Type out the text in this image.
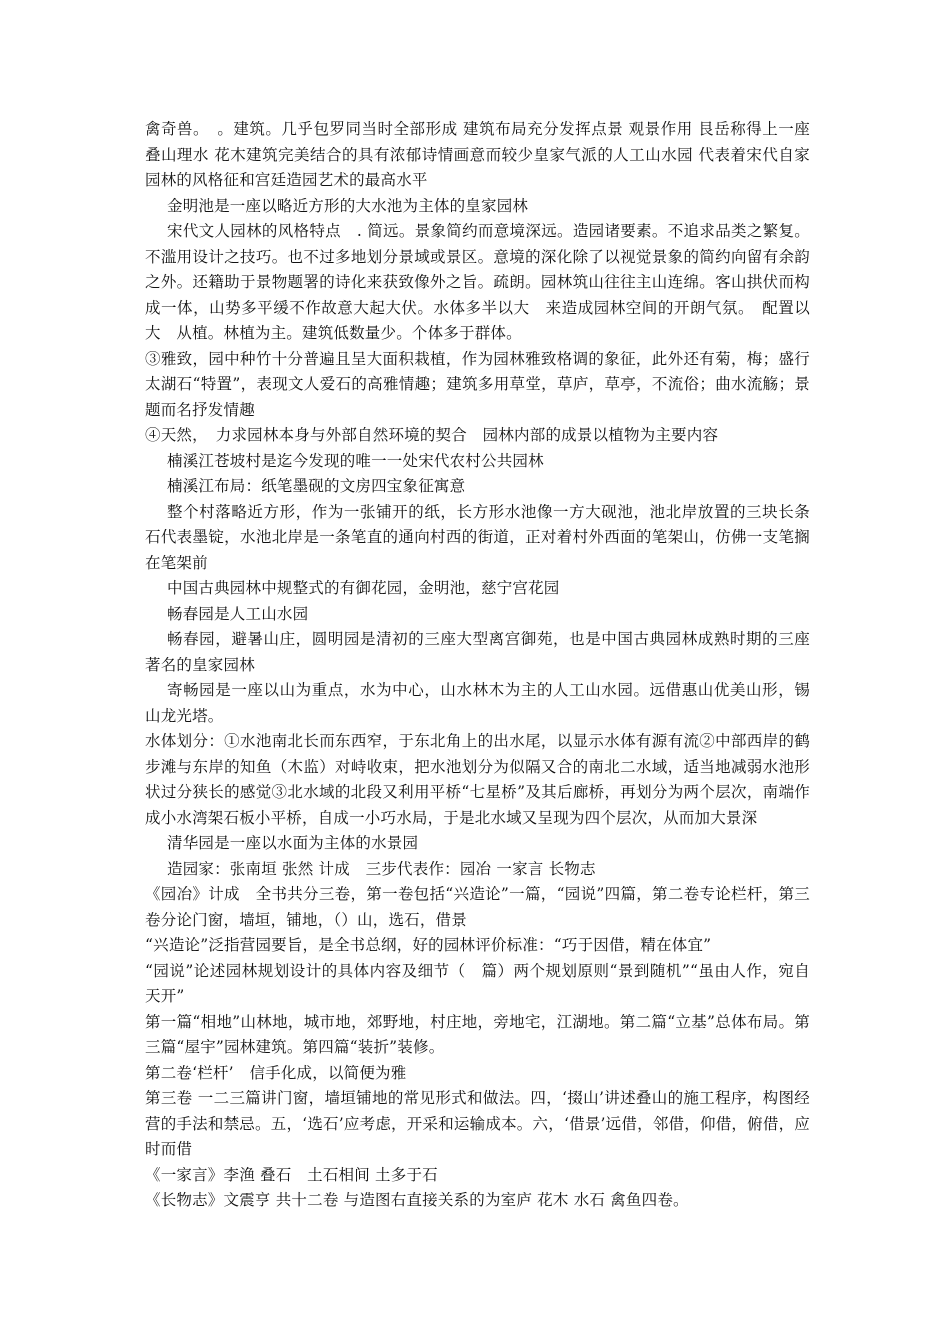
禽奇兽。　。建筑。几乎包罗同当时全部形成 建筑布局充分发挥点景 观景作用 艮岳称得上一座叠山理水 花木建筑完美结合的具有浓郁诗情画意而较少皇家气派的人工山水园 代表着宋代自家园林的风格征和宫廷造园艺术的最高水平

金明池是一座以略近方形的大水池为主体的皇家园林

宋代文人园林的风格特点　. 简远。景象简约而意境深远。造园诸要素。不追求品类之繁复。不滥用设计之技巧。也不过多地划分景域或景区。意境的深化除了以视觉景象的简约向留有余韵之外。还籍助于景物题署的诗化来获致像外之旨。疏朗。园林筑山往往主山连绵。客山拱伏而构成一体，山势多平缓不作故意大起大伏。水体多半以大　来造成园林空间的开朗气氛。　配置以大　从植。林植为主。建筑低数量少。个体多于群体。

③雅致，园中种竹十分普遍且呈大面积栽植，作为园林雅致格调的象征，此外还有菊，梅；盛行太湖石“特置”，表现文人爱石的高雅情趣；建筑多用草堂，草庐，草亭，不流俗；曲水流觞；景题而名抒发情趣

④天然，　力求园林本身与外部自然环境的契合　园林内部的成景以植物为主要内容

楠溪江苍坡村是迄今发现的唯一一处宋代农村公共园林

楠溪江布局：纸笔墨砚的文房四宝象征寓意

整个村落略近方形，作为一张铺开的纸，长方形水池像一方大砚池，池北岸放置的三块长条石代表墨锭，水池北岸是一条笔直的通向村西的街道，正对着村外西面的笔架山，仿佛一支笔搁在笔架前

中国古典园林中规整式的有御花园，金明池，慈宁宫花园

畅春园是人工山水园

畅春园，避暑山庄，圆明园是清初的三座大型离宫御苑，也是中国古典园林成熟时期的三座著名的皇家园林

寄畅园是一座以山为重点，水为中心，山水林木为主的人工山水园。远借惠山优美山形，锡山龙光塔。

水体划分：①水池南北长而东西窄，于东北角上的出水尾，以显示水体有源有流②中部西岸的鹤步滩与东岸的知鱼（木监）对峙收束，把水池划分为似隔又合的南北二水域，适当地减弱水池形状过分狭长的感觉③北水域的北段又利用平桥“七星桥”及其后廊桥，再划分为两个层次，南端作成小水湾架石板小平桥，自成一小巧水局，于是北水域又呈现为四个层次，从而加大景深

清华园是一座以水面为主体的水景园

造园家：张南垣 张然 计成　三步代表作：园冶 一家言 长物志

《园冶》计成　全书共分三卷，第一卷包括“兴造论”一篇，“园说”四篇，第二卷专论栏杆，第三卷分论门窗，墙垣，铺地，（）山，选石，借景

“兴造论”泛指营园要旨，是全书总纲，好的园林评价标准：“巧于因借，精在体宜”

“园说”论述园林规划设计的具体内容及细节（　篇）两个规划原则“景到随机”“虽由人作，宛自天开”

第一篇“相地”山林地，城市地，郊野地，村庄地，旁地宅，江湖地。第二篇“立基”总体布局。第三篇“屋宇”园林建筑。第四篇“装折”装修。

第二卷‘栏杆’　信手化成，以简便为雅

第三卷 一二三篇讲门窗，墙垣铺地的常见形式和做法。四，‘掇山’讲述叠山的施工程序，构图经营的手法和禁忌。五，‘选石’应考虑，开采和运输成本。六，‘借景’远借，邻借，仰借，俯借，应时而借

《一家言》李渔 叠石　土石相间 土多于石

《长物志》文震亨 共十二卷 与造图右直接关系的为室庐 花木 水石 禽鱼四卷。
